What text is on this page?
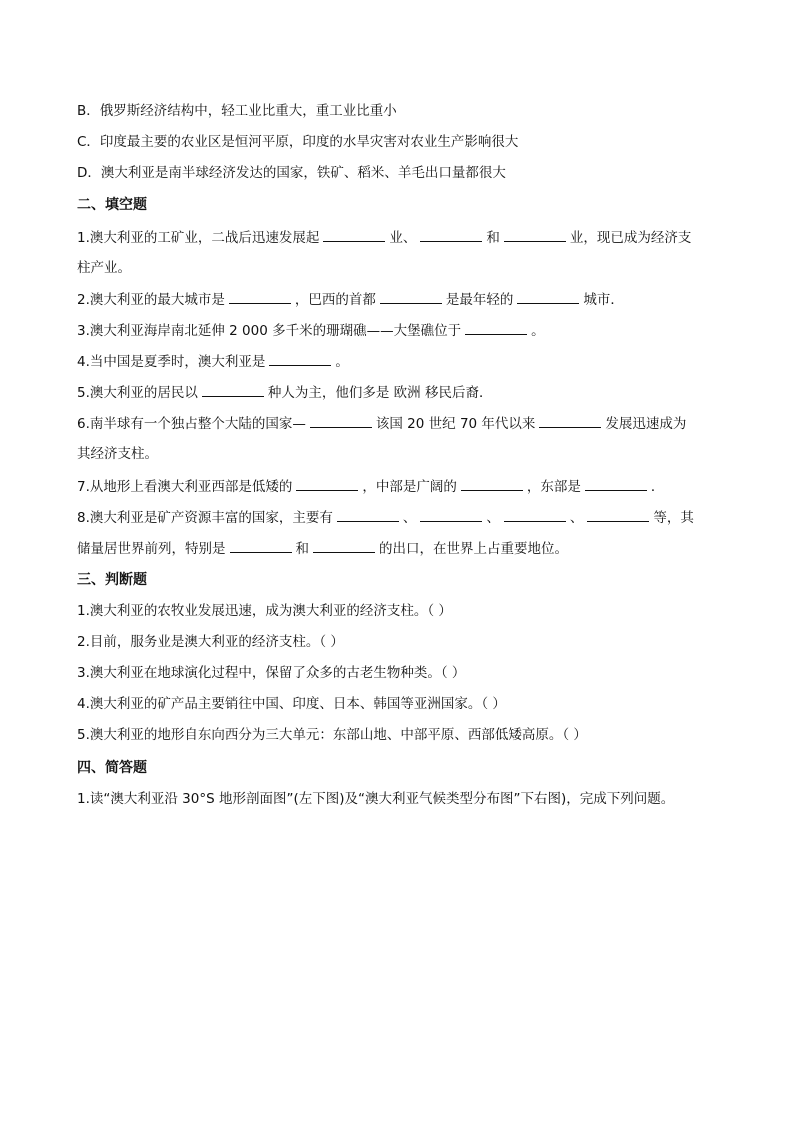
B．俄罗斯经济结构中，轻工业比重大，重工业比重小
C．印度最主要的农业区是恒河平原，印度的水旱灾害对农业生产影响很大
D．澳大利亚是南半球经济发达的国家，铁矿、稻米、羊毛出口量都很大
二、填空题
1.澳大利亚的工矿业，二战后迅速发展起	业、	和	业，现已成为经济支
柱产业。
2.澳大利亚的最大城市是	，巴西的首都	是最年轻的	城市．
3.澳大利亚海岸南北延伸 2 000 多千米的珊瑚礁——大堡礁位于	。
4.当中国是夏季时，澳大利亚是	。
5.澳大利亚的居民以	种人为主，他们多是 欧洲 移民后裔．
6.南半球有一个独占整个大陆的国家—	该国 20 世纪 70 年代以来	发展迅速成为
其经济支柱。
7.从地形上看澳大利亚西部是低矮的	，中部是广阔的	，东部是	．
8.澳大利亚是矿产资源丰富的国家，主要有	、	、	、	等，其
储量居世界前列，特别是	和	的出口，在世界上占重要地位。
三、判断题
1.澳大利亚的农牧业发展迅速，成为澳大利亚的经济支柱。（ ）
2.目前，服务业是澳大利亚的经济支柱。（ ）
3.澳大利亚在地球演化过程中，保留了众多的古老生物种类。（ ）
4.澳大利亚的矿产品主要销往中国、印度、日本、韩国等亚洲国家。（ ）
5.澳大利亚的地形自东向西分为三大单元：东部山地、中部平原、西部低矮高原。（ ）
四、简答题
1.读“澳大利亚沿 30°S 地形剖面图”(左下图)及“澳大利亚气候类型分布图”下右图)，完成下列问题。
